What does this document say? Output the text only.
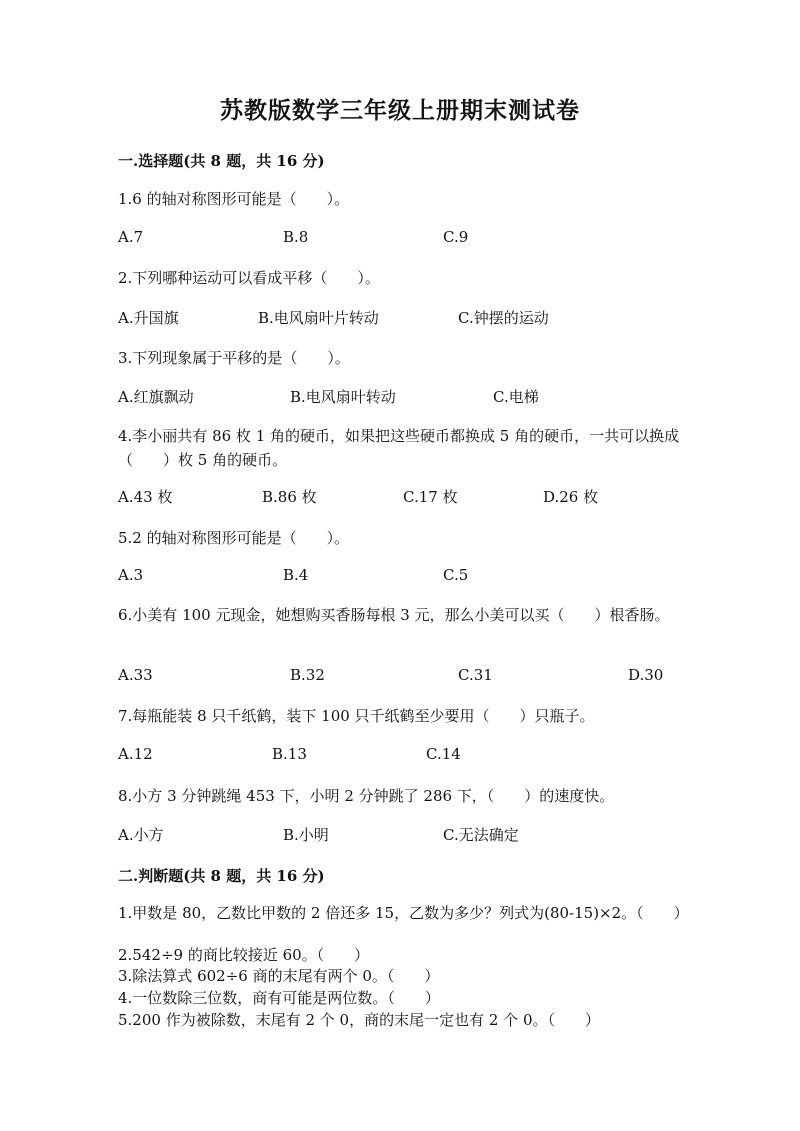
苏教版数学三年级上册期末测试卷
一.选择题(共 8 题，共 16 分)
1.6 的轴对称图形可能是（　　）。
A.7	B.8	C.9
2.下列哪种运动可以看成平移（　　）。
A.升国旗	B.电风扇叶片转动	C.钟摆的运动
3.下列现象属于平移的是（　　）。
A.红旗飘动	B.电风扇叶转动	C.电梯
4.李小丽共有 86 枚 1 角的硬币，如果把这些硬币都换成 5 角的硬币，一共可以换成（　　）枚 5 角的硬币。
A.43 枚	B.86 枚	C.17 枚	D.26 枚
5.2 的轴对称图形可能是（　　）。
A.3	B.4	C.5
6.小美有 100 元现金，她想购买香肠每根 3 元，那么小美可以买（　　）根香肠。
A.33	B.32	C.31	D.30
7.每瓶能装 8 只千纸鹤，装下 100 只千纸鹤至少要用（　　）只瓶子。
A.12	B.13	C.14
8.小方 3 分钟跳绳 453 下，小明 2 分钟跳了 286 下，（　　）的速度快。
A.小方	B.小明	C.无法确定
二.判断题(共 8 题，共 16 分)
1.甲数是 80，乙数比甲数的 2 倍还多 15，乙数为多少？列式为(80-15)×2。（　　）
2.542÷9 的商比较接近 60。（　　）
3.除法算式 602÷6 商的末尾有两个 0。（　　）
4.一位数除三位数，商有可能是两位数。（　　）
5.200 作为被除数，末尾有 2 个 0，商的末尾一定也有 2 个 0。（　　）
